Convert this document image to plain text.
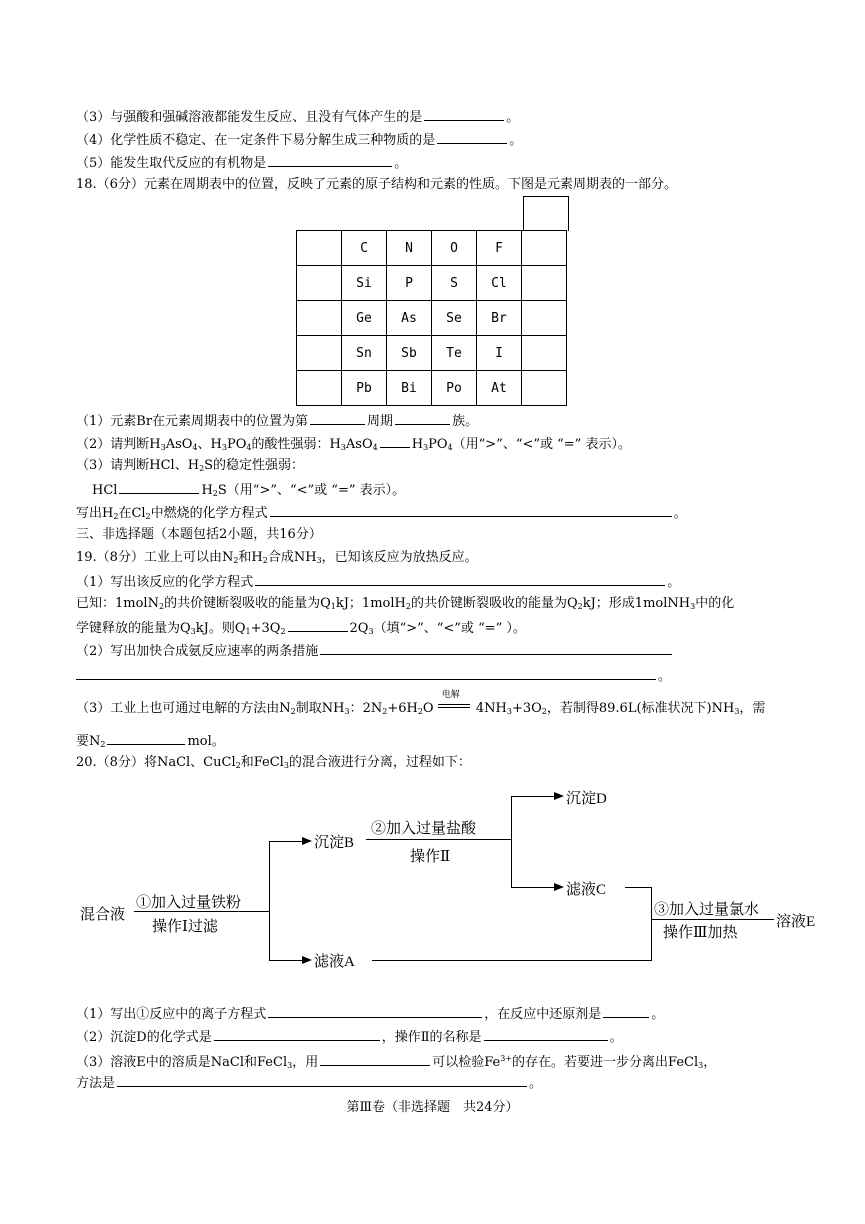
（3）与强酸和强碱溶液都能发生反应、且没有气体产生的是	。
（4）化学性质不稳定、在一定条件下易分解生成三种物质的是	。
（5）能发生取代反应的有机物是	。
18.（6分）元素在周期表中的位置，反映了元素的原子结构和元素的性质。下图是元素周期表的一部分。
	C	N	O	F	
	Si	P	S	Cl	
	Ge	As	Se	Br	
	Sn	Sb	Te	I	
	Pb	Bi	Po	At	
（1）元素Br在元素周期表中的位置为第	周期	族。
（2）请判断$H_3AsO_4$、$H_3PO_4$的酸性强弱：$H_3AsO_4$	$H_3PO_4$（用“>”、“<”或 “=” 表示）。
（3）请判断HCl、$H_2S$的稳定性强弱：
HCl	$H_2S$（用“>”、“<”或 “=” 表示）。
写出$H_2$在$Cl_2$中燃烧的化学方程式	。
三、非选择题（本题包括2小题，共16分）
19.（8分）工业上可以由$N_2$和$H_2$合成$NH_3$，已知该反应为放热反应。
（1）写出该反应的化学方程式	。
已知：1molN$_2$的共价键断裂吸收的能量为$Q_1kJ$；1molH$_2$的共价键断裂吸收的能量为$Q_2kJ$；形成1molNH$_3$中的化
学键释放的能量为$Q_3kJ$。则$Q_1+3Q_2$	$2Q_3$（填“>”、“<”或 “=” ）。
（2）写出加快合成氨反应速率的两条措施
。
（3）工业上也可通过电解的方法由$N_2$制取$NH_3$：$2N_2+6H_2O$
电解
$4NH_3+3O_2$，若制得89.6L(标准状况下)$NH_3$，需
要$N_2$	mol。
20.（8分）将NaCl、CuCl$_2$和FeCl$_3$的混合液进行分离，过程如下：
混合液
①加入过量铁粉
操作Ⅰ过滤
沉淀B
滤液A
②加入过量盐酸
操作Ⅱ
沉淀D
滤液C
③加入过量氯水
操作Ⅲ加热
溶液E
（1）写出①反应中的离子方程式	，在反应中还原剂是	。
（2）沉淀D的化学式是	，操作Ⅱ的名称是	。
（3）溶液E中的溶质是NaCl和FeCl$_3$，用	可以检验$Fe^{3+}$的存在。若要进一步分离出FeCl$_3$，
方法是	。
第Ⅲ卷（非选择题　共24分）
